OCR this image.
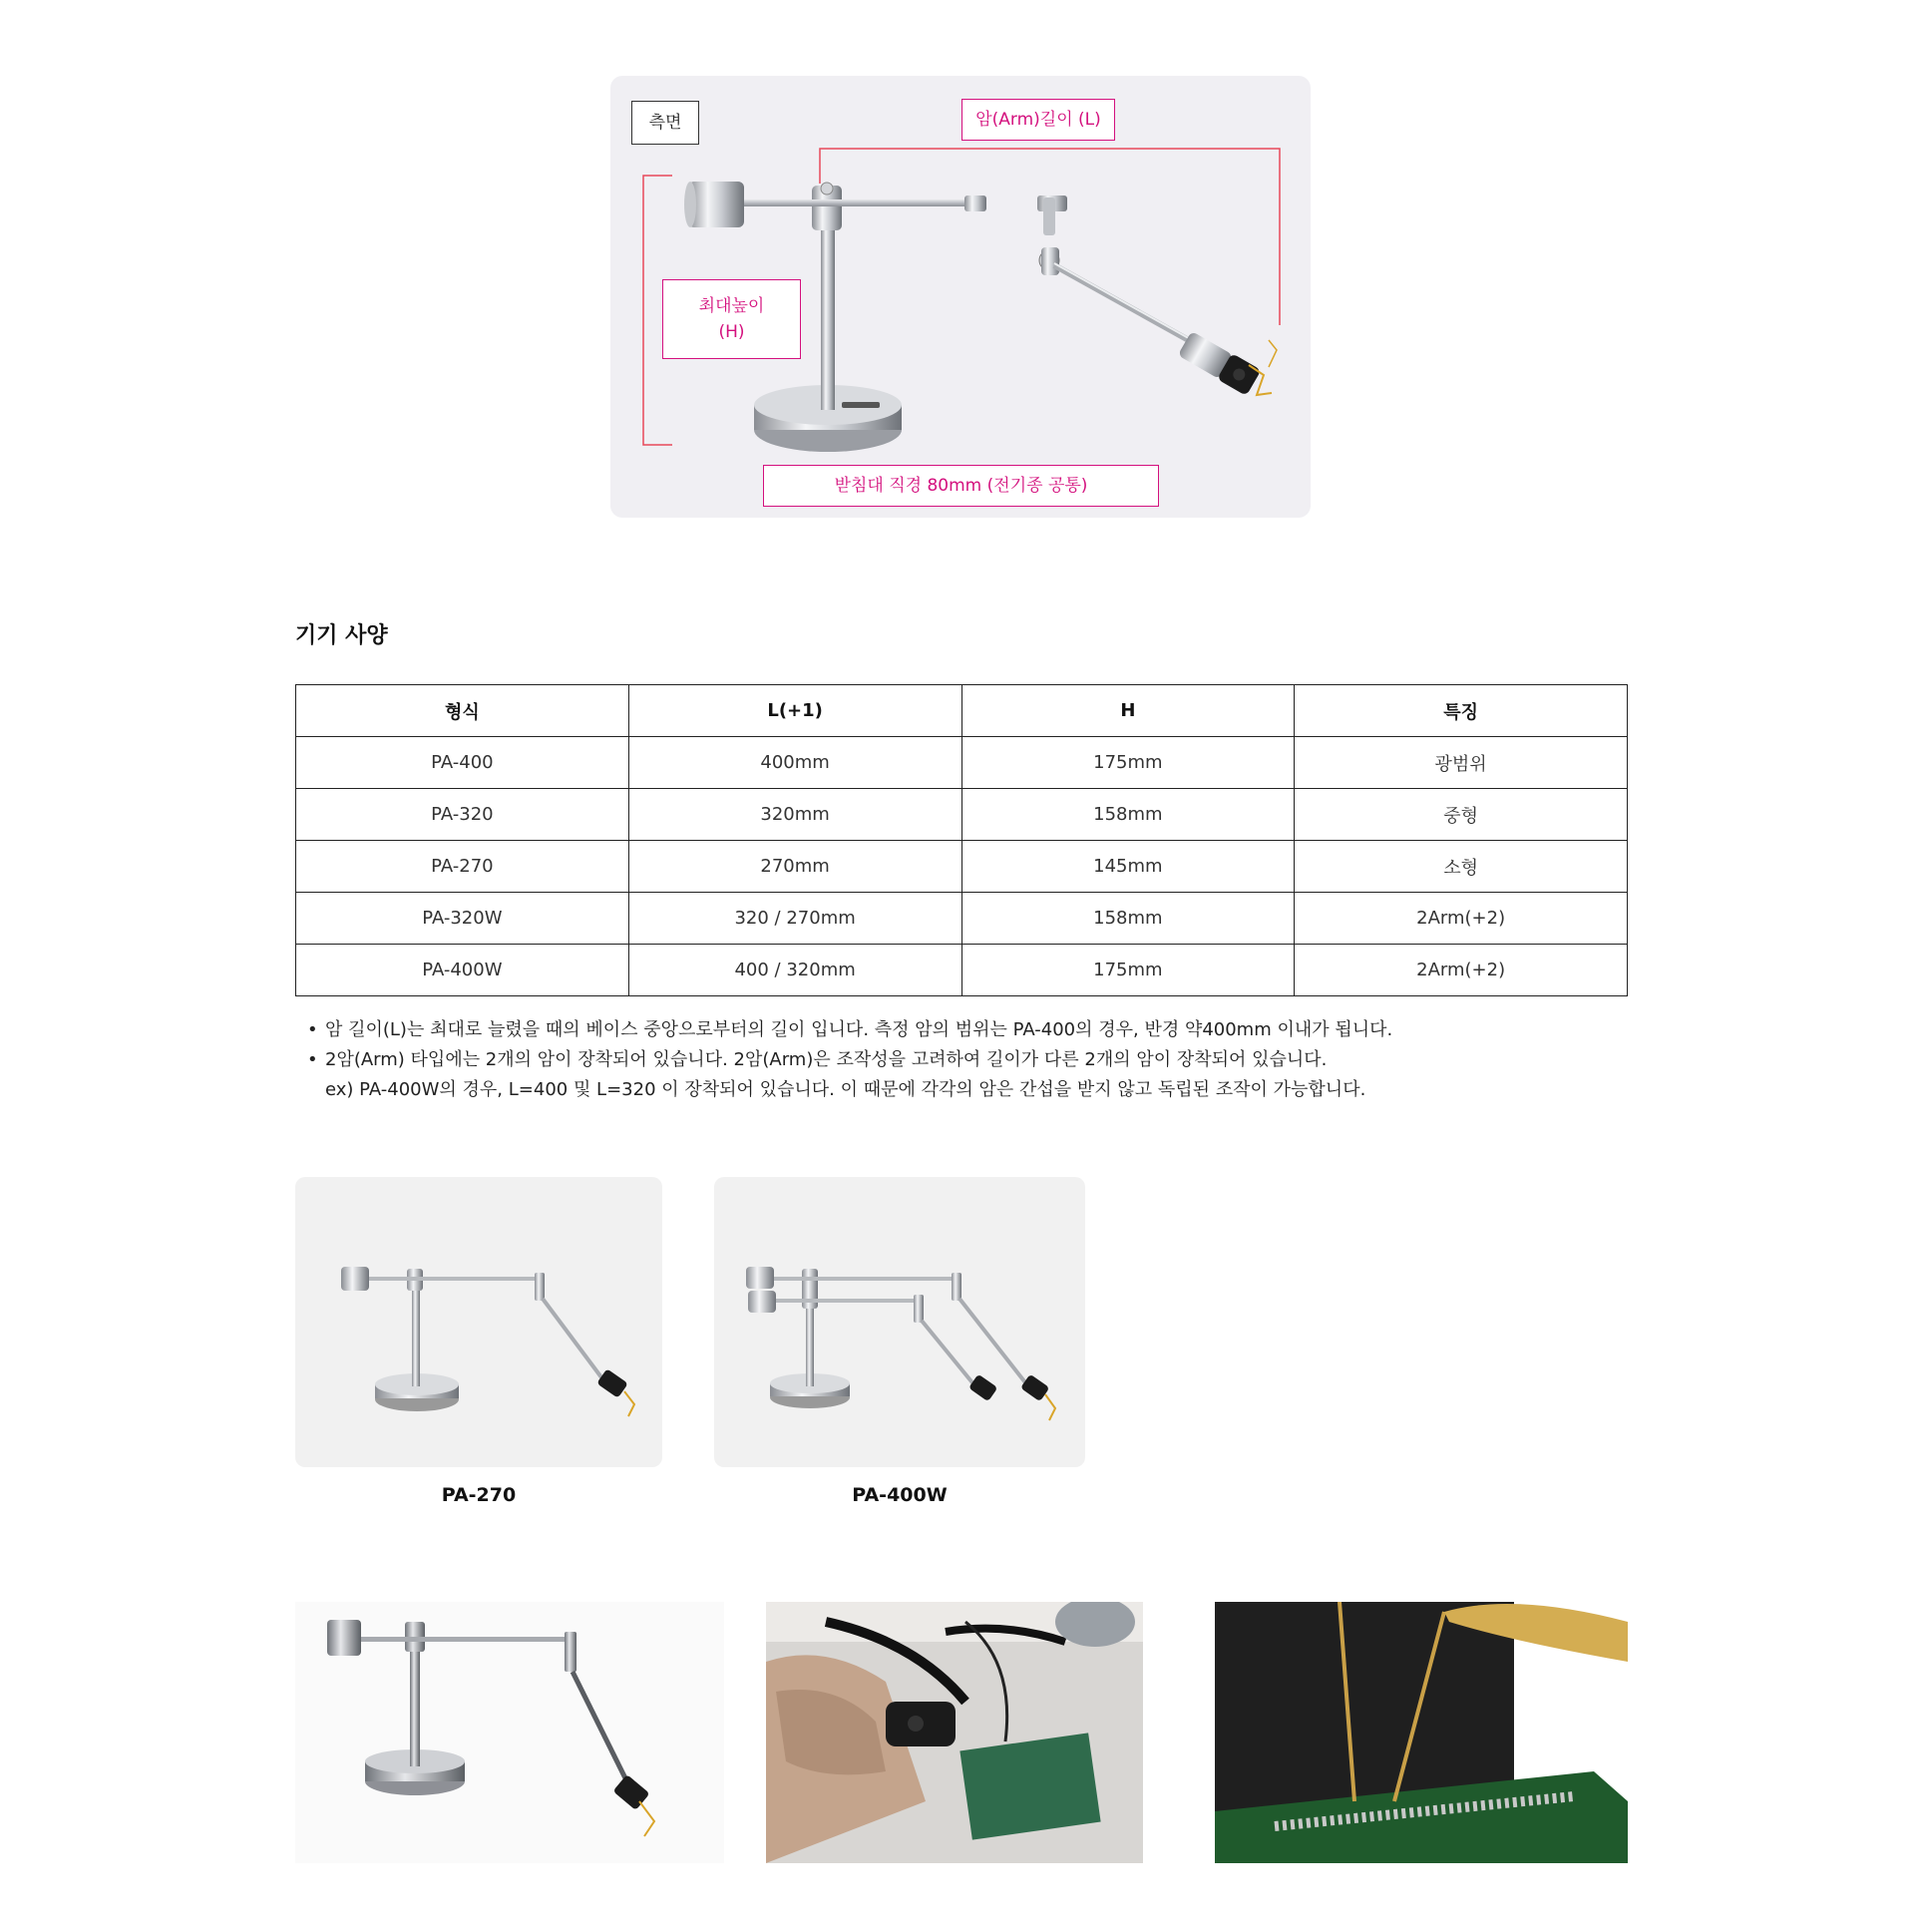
측면	암(Arm)길이 (L)
최대높이
(H)
받침대 직경 80mm (전기종 공통)
기기 사양
형식	L(+1)	H	특징
PA-400	400mm	175mm	광범위
PA-320	320mm	158mm	중형
PA-270	270mm	145mm	소형
PA-320W	320 / 270mm	158mm	2Arm(+2)
PA-400W	400 / 320mm	175mm	2Arm(+2)
• 암 길이(L)는 최대로 늘렸을 때의 베이스 중앙으로부터의 길이 입니다. 측정 암의 범위는 PA-400의 경우, 반경 약400mm 이내가 됩니다.
• 2암(Arm) 타입에는 2개의 암이 장착되어 있습니다. 2암(Arm)은 조작성을 고려하여 길이가 다른 2개의 암이 장착되어 있습니다.
ex) PA-400W의 경우, L=400 및 L=320 이 장착되어 있습니다. 이 때문에 각각의 암은 간섭을 받지 않고 독립된 조작이 가능합니다.
PA-270	PA-400W
